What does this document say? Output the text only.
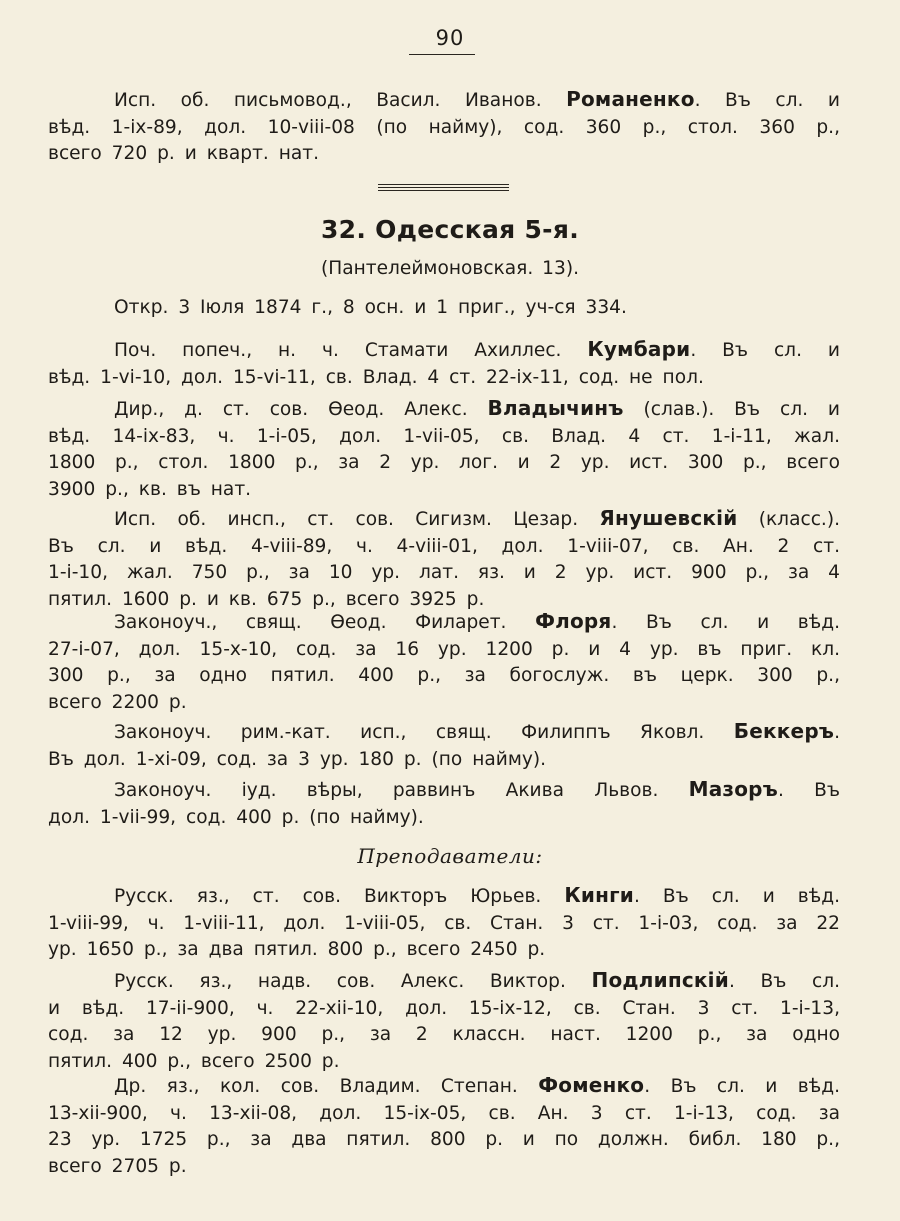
90
Исп. об. письмовод., Васил. Иванов. Романенко. Въ сл. и
вѣд. 1-ix-89, дол. 10-viii-08 (по найму), сод. 360 р., стол. 360 р.,
всего 720 р. и кварт. нат.
32. Одесская 5-я.
(Пантелеймоновская. 13).
Откр. 3 Іюля 1874 г., 8 осн. и 1 приг., уч-ся 334.
Поч. попеч., н. ч. Стамати Ахиллес. Кумбари. Въ сл. и
вѣд. 1-vi-10, дол. 15-vi-11, св. Влад. 4 ст. 22-ix-11, сод. не пол.
Дир., д. ст. сов. Өеод. Алекс. Владычинъ (слав.). Въ сл. и
вѣд. 14-ix-83, ч. 1-i-05, дол. 1-vii-05, св. Влад. 4 ст. 1-i-11, жал.
1800 р., стол. 1800 р., за 2 ур. лог. и 2 ур. ист. 300 р., всего
3900 р., кв. въ нат.
Исп. об. инсп., ст. сов. Сигизм. Цезар. Янушевскій (класс.).
Въ сл. и вѣд. 4-viii-89, ч. 4-viii-01, дол. 1-viii-07, св. Ан. 2 ст.
1-i-10, жал. 750 р., за 10 ур. лат. яз. и 2 ур. ист. 900 р., за 4
пятил. 1600 р. и кв. 675 р., всего 3925 р.
Законоуч., свящ. Өеод. Филарет. Флоря. Въ сл. и вѣд.
27-i-07, дол. 15-x-10, сод. за 16 ур. 1200 р. и 4 ур. въ приг. кл.
300 р., за одно пятил. 400 р., за богослуж. въ церк. 300 р.,
всего 2200 р.
Законоуч. рим.-кат. исп., свящ. Филиппъ Яковл. Беккеръ.
Въ дол. 1-xi-09, сод. за 3 ур. 180 р. (по найму).
Законоуч. іуд. вѣры, раввинъ Акива Львов. Мазоръ. Въ
дол. 1-vii-99, сод. 400 р. (по найму).
Преподаватели:
Русск. яз., ст. сов. Викторъ Юрьев. Кинги. Въ сл. и вѣд.
1-viii-99, ч. 1-viii-11, дол. 1-viii-05, св. Стан. 3 ст. 1-i-03, сод. за 22
ур. 1650 р., за два пятил. 800 р., всего 2450 р.
Русск. яз., надв. сов. Алекс. Виктор. Подлипскій. Въ сл.
и вѣд. 17-ii-900, ч. 22-xii-10, дол. 15-ix-12, св. Стан. 3 ст. 1-i-13,
сод. за 12 ур. 900 р., за 2 классн. наст. 1200 р., за одно
пятил. 400 р., всего 2500 р.
Др. яз., кол. сов. Владим. Степан. Фоменко. Въ сл. и вѣд.
13-xii-900, ч. 13-xii-08, дол. 15-ix-05, св. Ан. 3 ст. 1-i-13, сод. за
23 ур. 1725 р., за два пятил. 800 р. и по должн. библ. 180 р.,
всего 2705 р.
